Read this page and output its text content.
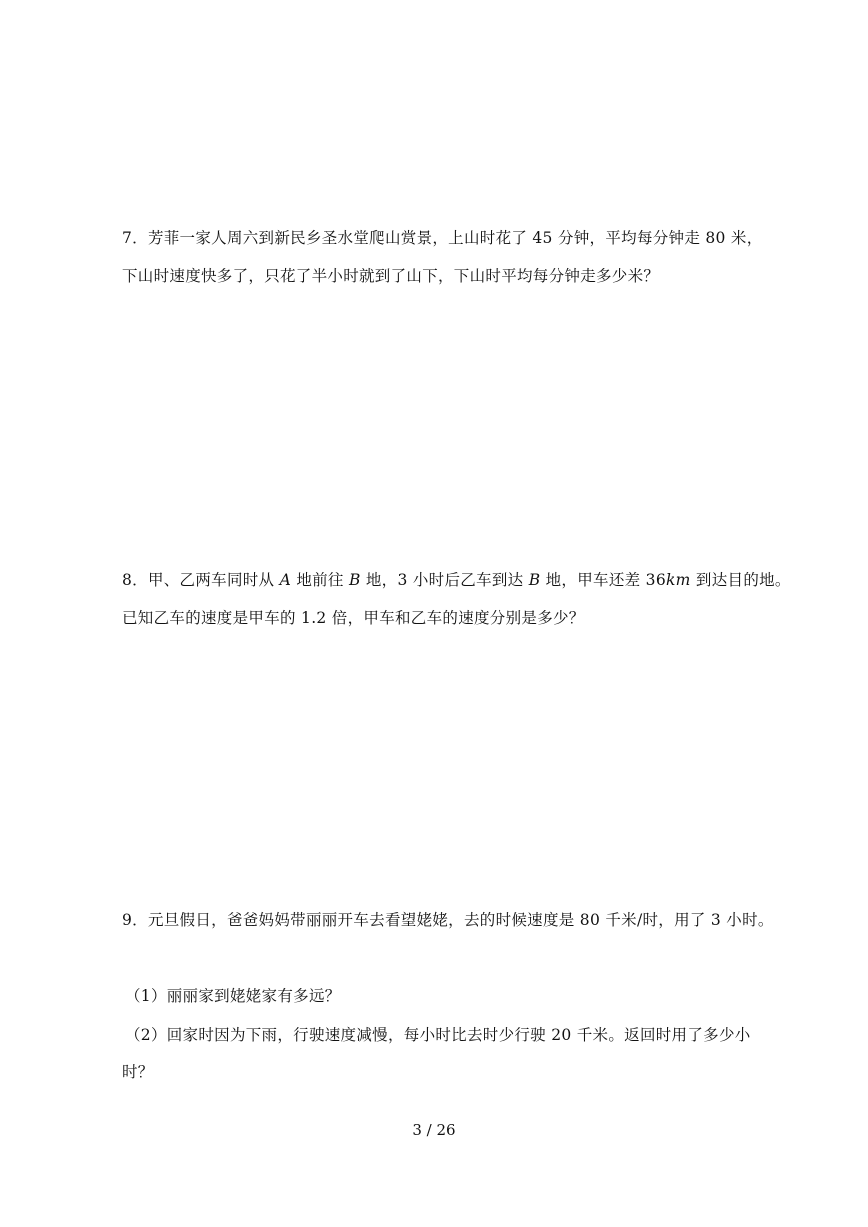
7．芳菲一家人周六到新民乡圣水堂爬山赏景，上山时花了 45 分钟，平均每分钟走 80 米，
下山时速度快多了，只花了半小时就到了山下，下山时平均每分钟走多少米？
8．甲、乙两车同时从 A 地前往 B 地，3 小时后乙车到达 B 地，甲车还差 36km 到达目的地。
已知乙车的速度是甲车的 1.2 倍，甲车和乙车的速度分别是多少？
9．元旦假日，爸爸妈妈带丽丽开车去看望姥姥，去的时候速度是 80 千米/时，用了 3 小时。
（1）丽丽家到姥姥家有多远？
（2）回家时因为下雨，行驶速度减慢，每小时比去时少行驶 20 千米。返回时用了多少小
时？
3 / 26
